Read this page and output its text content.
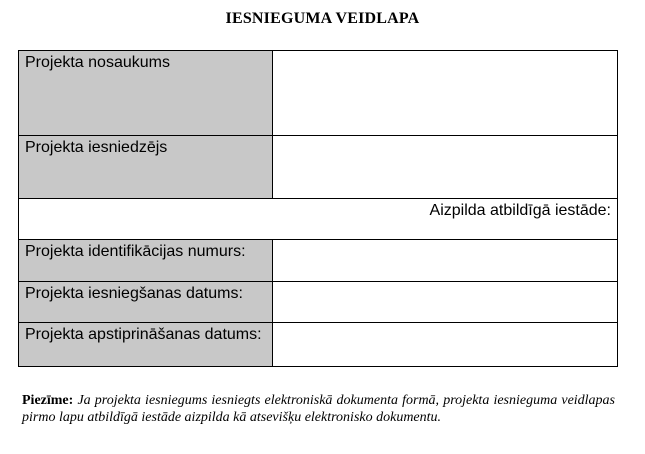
IESNIEGUMA VEIDLAPA
Projekta nosaukums	
Projekta iesniedzējs	
Aizpilda atbildīgā iestāde:	
Projekta identifikācijas numurs:	
Projekta iesniegšanas datums:	
Projekta apstiprināšanas datums:	
Piezīme: Ja projekta iesniegums iesniegts elektroniskā dokumenta formā, projekta iesnieguma veidlapas pirmo lapu atbildīgā iestāde aizpilda kā atsevišķu elektronisko dokumentu.
